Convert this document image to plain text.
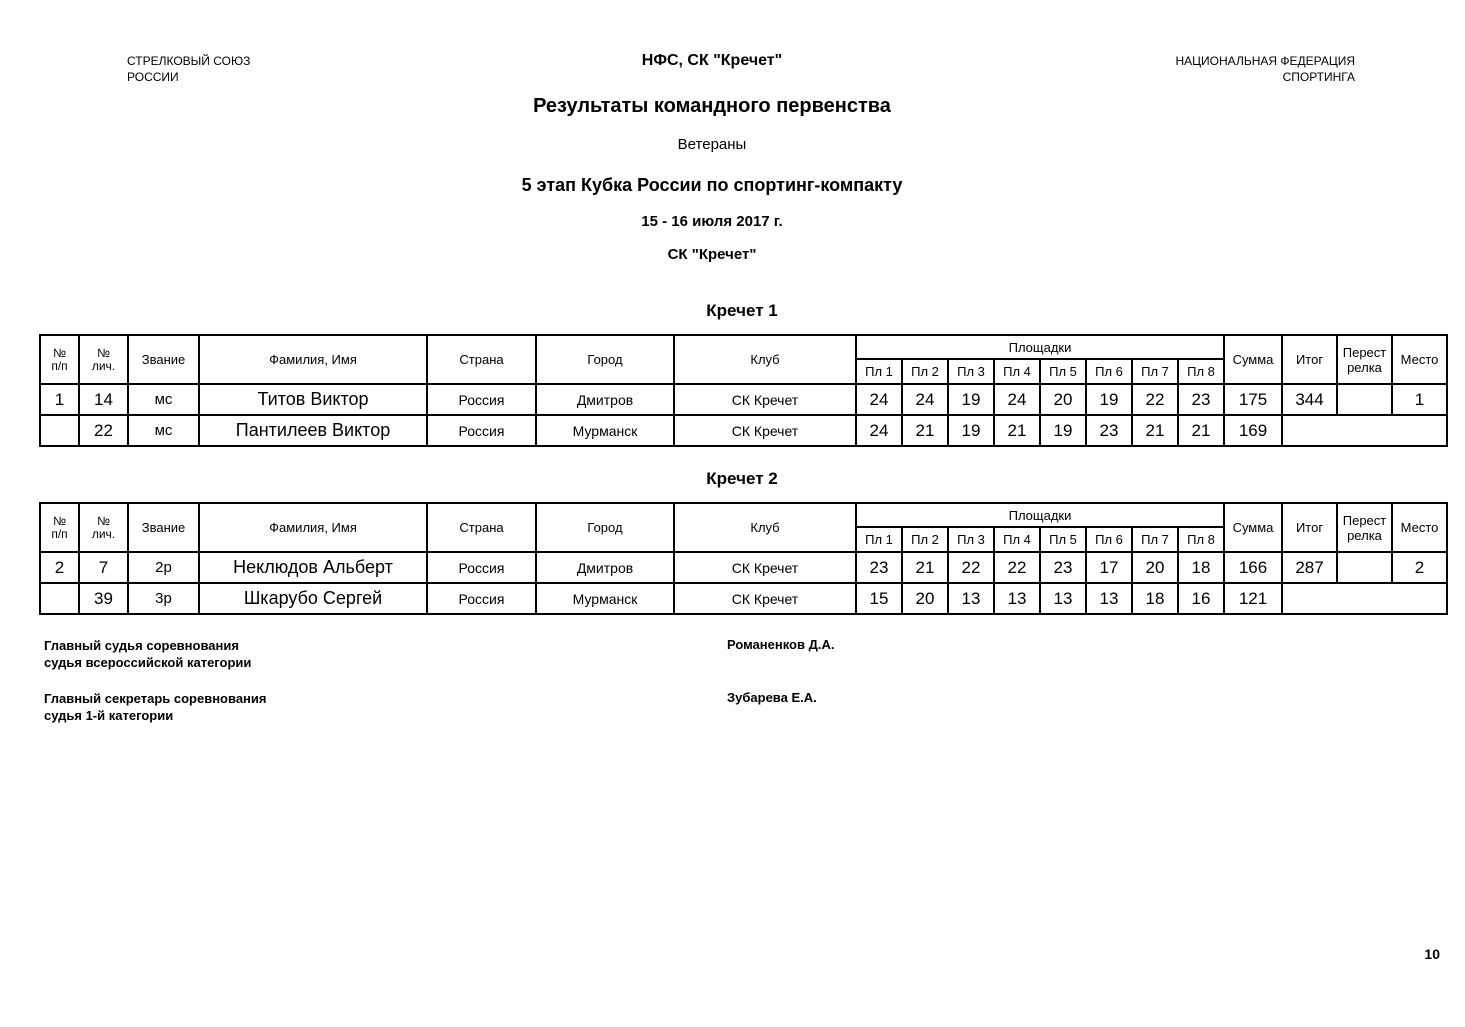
СТРЕЛКОВЫЙ СОЮЗ
РОССИИ
НФС, СК "Кречет"	НАЦИОНАЛЬНАЯ ФЕДЕРАЦИЯ
СПОРТИНГА
Результаты командного первенства
Ветераны
5 этап Кубка России по спортинг-компакту
15 - 16 июля 2017 г.
СК "Кречет"
Кречет 1
№
п/п

№
лич.	Звание	Фамилия, Имя	Страна	Город	Клуб	Площадки	Сумма	Итог	Перест
релка	Место
							Пл 1	Пл 2	Пл 3	Пл 4	Пл 5	Пл 6	Пл 7	Пл 8				
1	14	мс	Титов Виктор	Россия	Дмитров	СК Кречет	24	24	19	24	20	19	22	23	175	344		1
	22	мс	Пантилеев Виктор	Россия	Мурманск	СК Кречет	24	21	19	21	19	23	21	21	169			
Кречет 2
№
п/п

№
лич.	Звание	Фамилия, Имя	Страна	Город	Клуб	Площадки	Сумма	Итог	Перест
релка	Место
							Пл 1	Пл 2	Пл 3	Пл 4	Пл 5	Пл 6	Пл 7	Пл 8				
2	7	2р	Неклюдов Альберт	Россия	Дмитров	СК Кречет	23	21	22	22	23	17	20	18	166	287		2
	39	3р	Шкарубо Сергей	Россия	Мурманск	СК Кречет	15	20	13	13	13	13	18	16	121			
Главный судья соревнования
судья всероссийской категории
Романенков Д.А.
Главный секретарь соревнования
судья 1-й категории
Зубарева Е.А.
10
